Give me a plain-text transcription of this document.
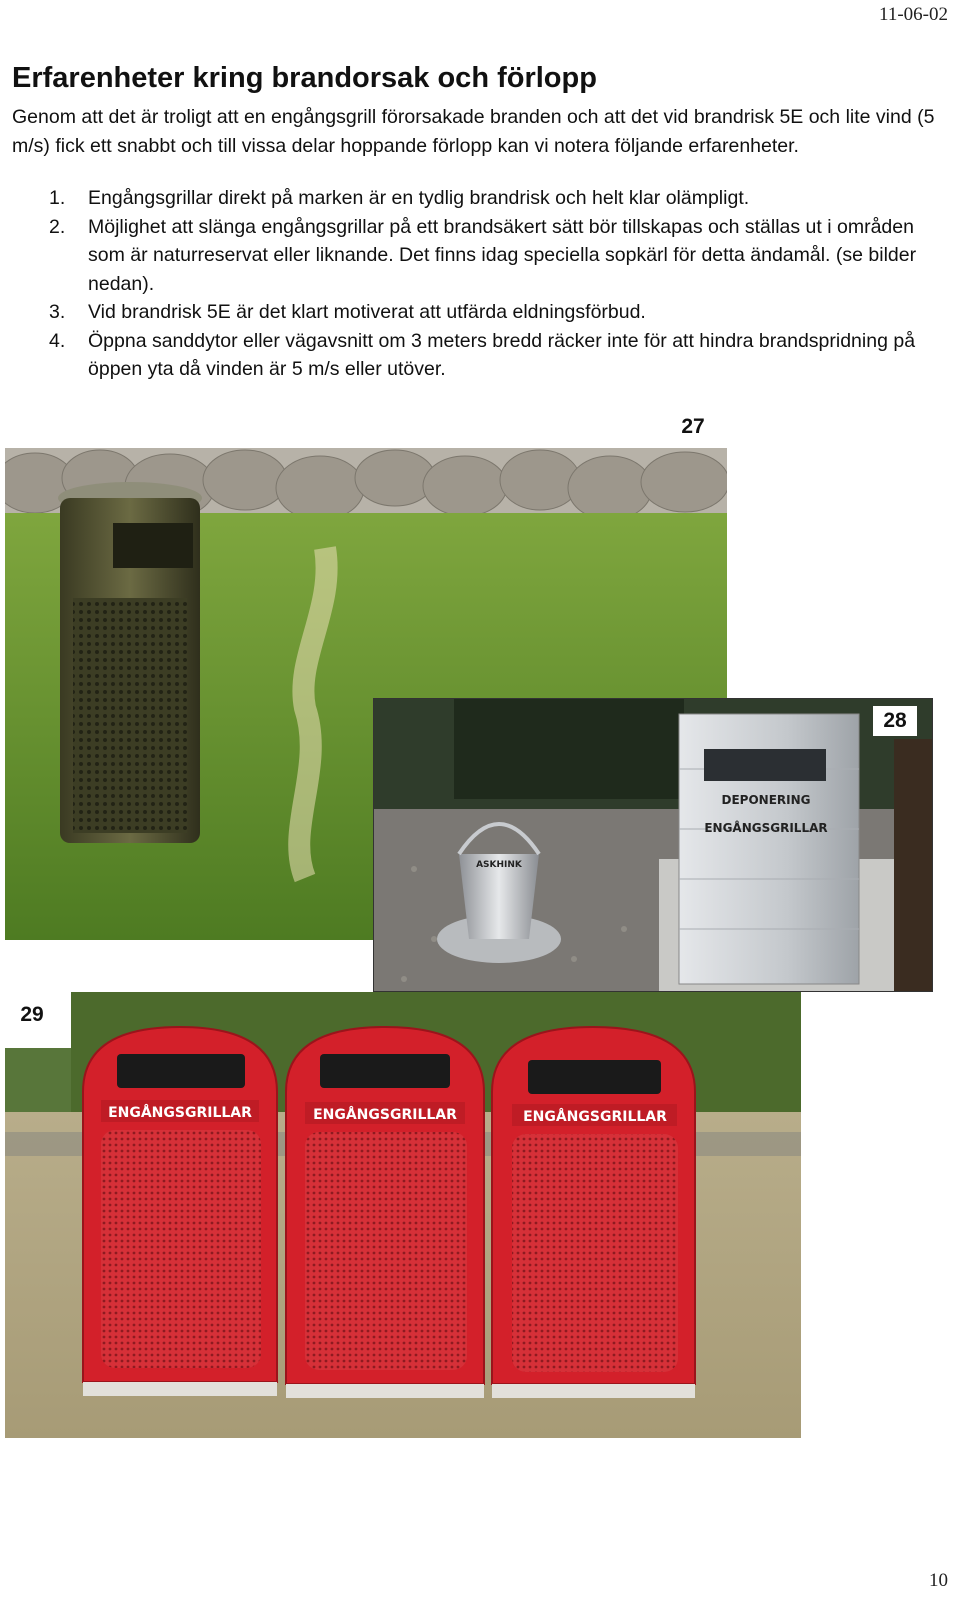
11-06-02
Erfarenheter kring brandorsak och förlopp

Genom att det är troligt att en engångsgrill förorsakade branden och att det vid brandrisk 5E och lite vind (5 m/s) fick ett snabbt och till vissa delar hoppande förlopp kan vi notera följande erfarenheter.

1. Engångsgrillar direkt på marken är en tydlig brandrisk och helt klar olämpligt.
2. Möjlighet att slänga engångsgrillar på ett brandsäkert sätt bör tillskapas och ställas ut i områden som är naturreservat eller liknande. Det finns idag speciella sopkärl för detta ändamål. (se bilder nedan).
3. Vid brandrisk 5E är det klart motiverat att utfärda eldningsförbud.
4. Öppna sanddytor eller vägavsnitt om 3 meters bredd räcker inte för att hindra brandspridning på öppen yta då vinden är 5 m/s eller utöver.
27
ASKHINK
DEPONERING
ENGÅNGSGRILLAR
28
ENGÅNGSGRILLAR	ENGÅNGSGRILLAR	ENGÅNGSGRILLAR
29
10
